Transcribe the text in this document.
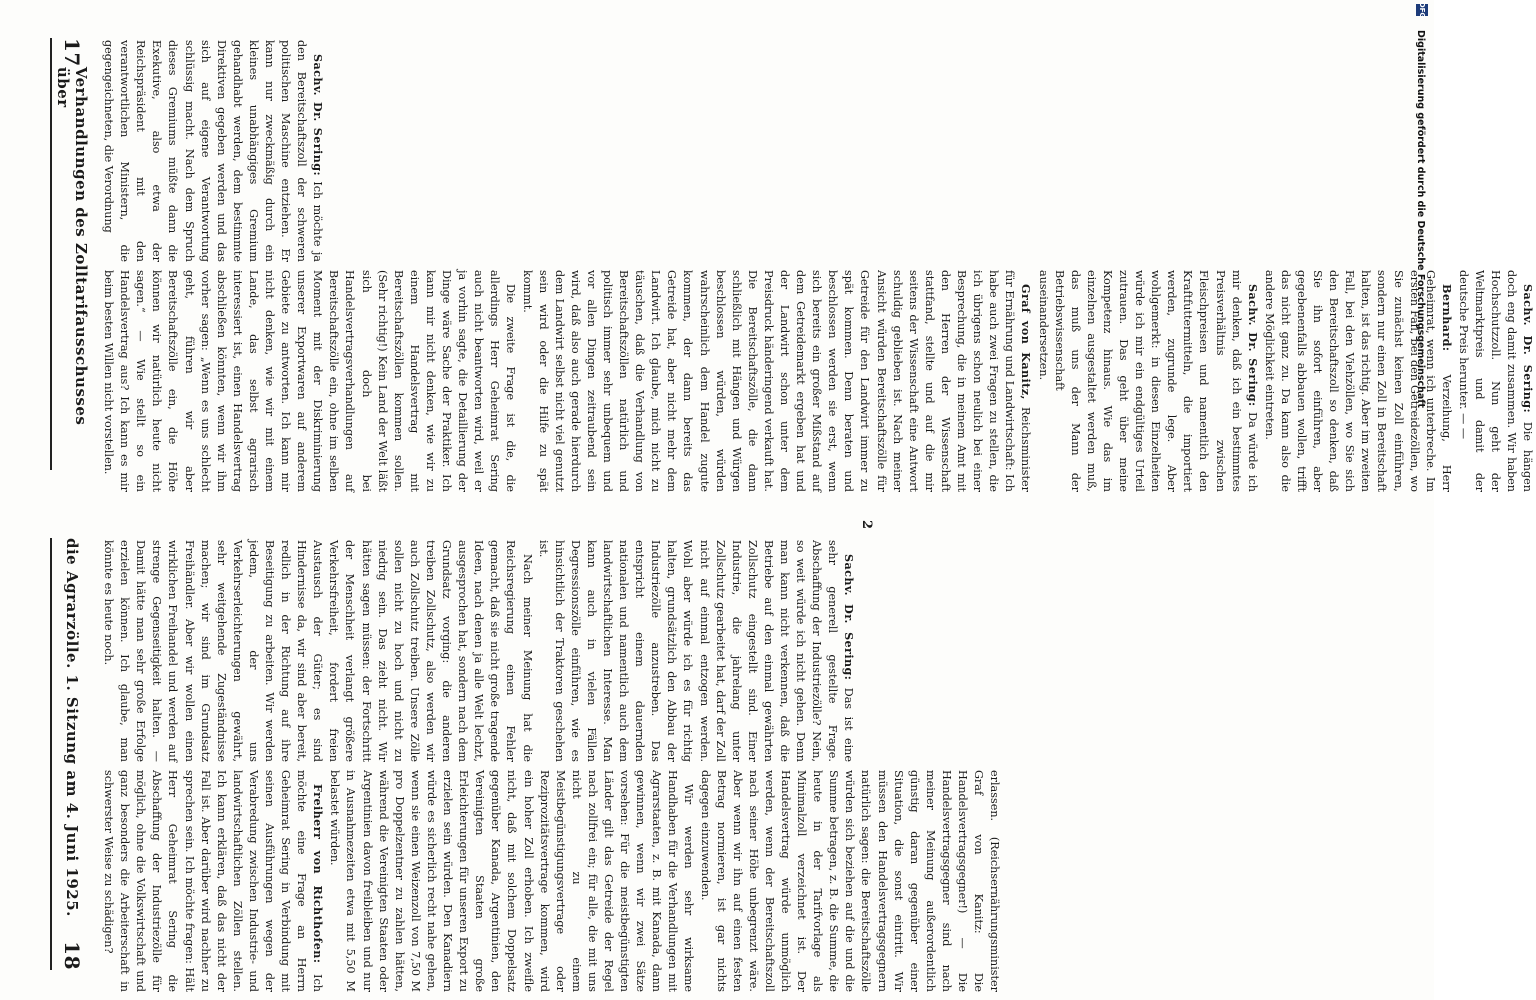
17
Verhandlungen des Zolltarifausschusses über

Sachv. Dr. Sering: Die hängen doch eng damit zusammen. Wir haben Hochschutzzoll. Nun geht der Weltmarktpreis und damit der deutsche Preis herunter. — —

Bernhard: Verzeihung, Herr Geheimrat, wenn ich unterbreche. Im ersten Fall, bei den Getreidezöllen, wo Sie zunächst keinen Zoll einführen, sondern nur einen Zoll in Bereitschaft halten, ist das richtig. Aber im zweiten Fall, bei den Viehzöllen, wo Sie sich den Bereitschaftszoll so denken, daß Sie ihn sofort einführen, aber gegebenenfalls abbauen wollen, trifft das nicht ganz zu. Da kann also die andere Möglichkeit eintreten.

Sachv. Dr. Sering: Da würde ich mir denken, daß ich ein bestimmtes Preisverhältnis zwischen Fleischpreisen und namentlich den Kraftfuttermitteln, die importiert werden, zugrunde lege. Aber wohlgemerkt: in diesen Einzelheiten würde ich mir ein endgültiges Urteil zutrauen. Das geht über meine Kompetenz hinaus. Wie das im einzelnen ausgestaltet werden muß, das muß uns der Mann der Betriebswissenschaft auseinandersetzen.

Graf von Kanitz, Reichsminister für Ernährung und Landwirtschaft: Ich habe auch zwei Fragen zu stellen, die ich übrigens schon neulich bei einer Besprechung, die in meinem Amt mit den Herren der Wissenschaft stattfand, stellte und auf die mir seitens der Wissenschaft eine Antwort schuldig geblieben ist. Nach meiner Ansicht würden Bereitschaftszölle für Getreide für den Landwirt immer zu spät kommen. Denn beraten und beschlossen werden sie erst, wenn sich bereits ein großer Mißstand auf dem Getreidemarkt ergeben hat und der Landwirt schon unter dem Preisdruck händeringend verkauft hat. Die Bereitschaftszölle, die dann schließlich mit Hängen und Würgen beschlossen würden, würden wahrscheinlich dem Handel zugute kommen, der dann bereits das Getreide hat, aber nicht mehr dem Landwirt. Ich glaube, mich nicht zu täuschen, daß die Verhandlung von Bereitschaftszöllen natürlich und politisch immer sehr unbequem und vor allen Dingen zeitraubend sein wird, daß also auch gerade hierdurch dem Landwirt selbst nicht viel genutzt sein wird oder die Hilfe zu spät kommt.

Die zweite Frage ist die, die allerdings Herr Geheimrat Sering auch nicht beantworten wird, weil er ja vorhin sagte, die Detaillierung der Dinge wäre Sache der Praktiker. Ich kann mir nicht denken, wie wir zu einem Handelsvertrag mit Bereitschaftszöllen kommen sollen. (Sehr richtig!) Kein Land der Welt läßt sich doch bei Handelsvertragsverhandlungen auf Bereitschaftszölle ein, ohne im selben Moment mit der Diskriminierung unserer Exportwaren auf anderem Gebiete zu antworten. Ich kann mir nicht denken, wie wir mit einem Lande, das selbst agrarisch interessiert ist, einen Handelsvertrag abschließen könnten, wenn wir ihm vorher sagen: „Wenn es uns schlecht geht, führen wir aber Bereitschaftszölle ein, die Höhe können wir natürlich heute nicht sagen.“ — Wie stellt so ein Handelsvertrag aus? Ich kann es mir beim besten Willen nicht vorstellen.

Sachv. Dr. Sering: Ich möchte ja den Bereitschaftszoll der schweren politischen Maschine entziehen. Er kann nur zweckmäßig durch ein kleines unabhängiges Gremium gehandhabt werden, dem bestimmte Direktiven gegeben werden und das sich auf eigene Verantwortung schlüssig macht. Nach dem Spruch dieses Gremiums müßte dann die Exekutive, also etwa der Reichspräsident mit den verantwortlichen Ministern, die gegengeichneten, die Verordnung

die Agrarzölle. 1. Sitzung am 4. Juni 1925.
18	erlassen. (Reichsernährungsminister Graf von Kanitz: Die Handelsvertragsgegner!) — Die Handelsvertragsgegner sind nach meiner Meinung außerordentlich günstig daran gegenüber einer Situation, die sonst eintritt. Wir müssen den Handelsvertragsgegnern natürlich sagen: die Bereitschaftszölle würden sich beziehen auf die und die Summe betragen, z. B. die Summe, die heute in der Tarifvorlage als Minimalzoll verzeichnet ist. Der Handelsvertrag würde unmöglich werden, wenn der Bereitschaftszoll nach seiner Höhe unbegrenzt wäre. Aber wenn wir ihn auf einen festen Betrag normieren, ist gar nichts dagegen einzuwenden.

Wir werden sehr wirksame Handhaben für die Verhandlungen mit Agrarstaaten, z. B. mit Kanada, dann gewinnen, wenn wir zwei Sätze vorsehen: Für die meistbegünstigten Länder gilt das Getreide der Regel nach zollfrei ein; für alle, die mit uns nicht zu einem Meistbegünstigungsvertrage oder Reziprozitätsvertrage kommen, wird ein hoher Zoll erhoben. Ich zweifle nicht, daß mit solchem Doppelsatz gegenüber Kanada, Argentinien, den Vereinigten Staaten große Erleichterungen für unseren Export zu erzielen sein würden. Den Kanadiern würde es sicherlich recht nahe gehen, wenn sie einen Weizenzoll von 7,50 M pro Doppelzentner zu zahlen hätten, während die Vereinigten Staaten oder Argentinien davon freibleiben und nur in Ausnahmezeiten etwa mit 5,50 M belastet würden.

Freiherr von Richthofen: Ich möchte eine Frage an Herrn Geheimrat Sering in Verbindung mit seinen Ausführungen wegen der Verabredung zwischen Industrie- und landwirtschaftlichen Zöllen stellen. Ich kann erklären, daß das nicht der Fall ist. Aber darüber wird nachher zu sprechen sein. Ich möchte fragen: Hält Herr Geheimrat Sering die Abschaffung der Industriezölle für möglich, ohne die Volkswirtschaft und ganz besonders die Arbeiterschaft in schwerster Weise zu schädigen?

Sachv. Dr. Sering: Das ist eine sehr generell gestellte Frage. Abschaffung der Industriezölle? Nein, so weit würde ich nicht gehen. Denn man kann nicht verkennen, daß die Betriebe auf den einmal gewährten Zollschutz eingestellt sind. Einer Industrie, die jahrelang unter Zollschutz gearbeitet hat, darf der Zoll nicht auf einmal entzogen werden. Wohl aber würde ich es für richtig halten, grundsätzlich den Abbau der Industriezölle anzustreben. Das entspricht einem dauernden nationalen und namentlich auch dem landwirtschaftlichen Interesse. Man kann auch in vielen Fällen Degressionszölle einführen, wie es hinsichtlich der Traktoren geschehen ist.

Nach meiner Meinung hat die Reichsregierung einen Fehler gemacht, daß sie nicht große tragende Ideen, nach denen ja alle Welt lechzt, ausgesprochen hat, sondern nach dem Grundsatz vorging: die anderen treiben Zollschutz, also werden wir auch Zollschutz treiben. Unsere Zölle sollen nicht zu hoch und nicht zu niedrig sein. Das zieht nicht. Wir hätten sagen müssen: der Fortschritt der Menschheit verlangt größere Verkehrsfreiheit, fordert freien Austausch der Güter; es sind Hindernisse da, wir sind aber bereit, redlich in der Richtung auf ihre Beseitigung zu arbeiten. Wir werden jedem, der uns Verkehrserleichterungen gewährt, sehr weitgehende Zugeständnisse machen; wir sind im Grundsatz Freihändler. Aber wir wollen einen wirklichen Freihandel und werden auf strenge Gegenseitigkeit halten. — Damit hätte man sehr große Erfolge erzielen können. Ich glaube, man könnte es heute noch.

2
Digitalisierung gefördert durch die Deutsche Forschungsgemeinschaft
DFG
